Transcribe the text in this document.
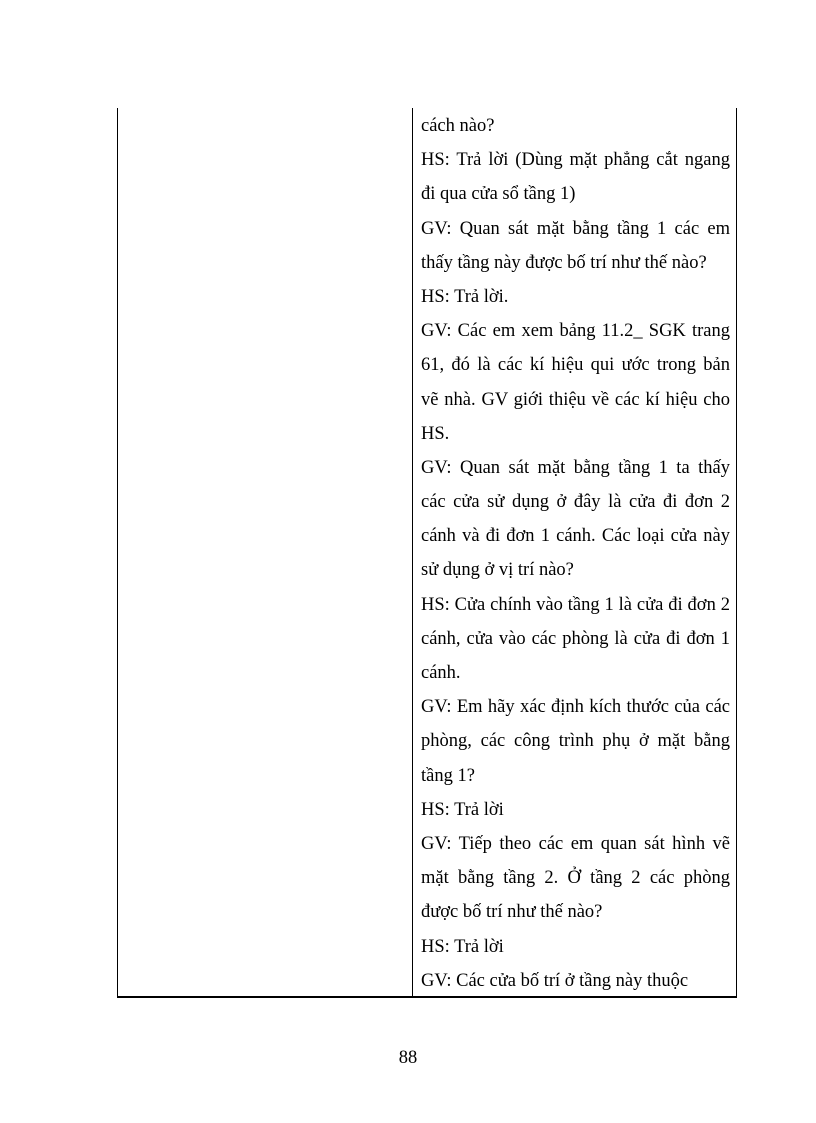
cách nào?
HS: Trả lời (Dùng mặt phẳng cắt ngang
đi qua cửa sổ tầng 1)
GV: Quan sát mặt bằng tầng 1 các em
thấy tầng này được bố trí như thế nào?
HS: Trả lời.
GV: Các em xem bảng 11.2_ SGK trang
61, đó là các kí hiệu qui ước trong bản
vẽ nhà. GV giới thiệu về các kí hiệu cho
HS.
GV: Quan sát mặt bằng tầng 1 ta thấy
các cửa sử dụng ở đây là cửa đi đơn 2
cánh và đi đơn 1 cánh. Các loại cửa này
sử dụng ở vị trí nào?
HS: Cửa chính vào tầng 1 là cửa đi đơn 2
cánh, cửa vào các phòng là cửa đi đơn 1
cánh.
GV: Em hãy xác định kích thước của các
phòng, các công trình phụ ở mặt bằng
tầng 1?
HS: Trả lời
GV: Tiếp theo các em quan sát hình vẽ
mặt bằng tầng 2. Ở tầng 2 các phòng
được bố trí như thế nào?
HS: Trả lời
GV: Các cửa bố trí ở tầng này thuộc
88
